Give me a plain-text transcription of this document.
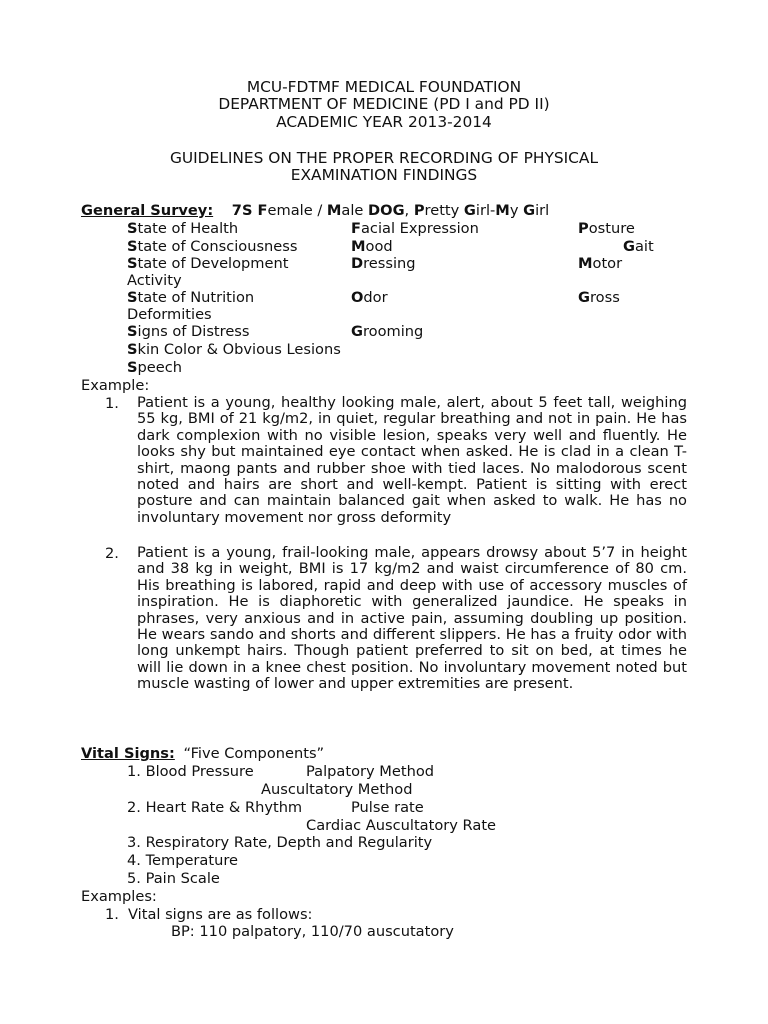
MCU-FDTMF MEDICAL FOUNDATION
DEPARTMENT OF MEDICINE (PD I and PD II)
ACADEMIC YEAR 2013-2014
GUIDELINES ON THE PROPER RECORDING OF PHYSICAL
EXAMINATION FINDINGS
General Survey: 7S Female / Male DOG, Pretty Girl-My Girl
State of Health
State of Consciousness
State of Development
State of Nutrition
Signs of Distress
Skin Color & Obvious Lesions
Speech
Facial Expression
Mood
Dressing
Odor
Grooming
Posture
Gait
Motor
Gross
Activity
Deformities
Example:
1. Patient is a young, healthy looking male, alert, about 5 feet tall, weighing 55 kg, BMI of 21 kg/m2, in quiet, regular breathing and not in pain. He has dark complexion with no visible lesion, speaks very well and fluently. He looks shy but maintained eye contact when asked. He is clad in a clean T-shirt, maong pants and rubber shoe with tied laces. No malodorous scent noted and hairs are short and well-kempt. Patient is sitting with erect posture and can maintain balanced gait when asked to walk. He has no involuntary movement nor gross deformity
2. Patient is a young, frail-looking male, appears drowsy about 5’7 in height and 38 kg in weight, BMI is 17 kg/m2 and waist circumference of 80 cm. His breathing is labored, rapid and deep with use of accessory muscles of inspiration. He is diaphoretic with generalized jaundice. He speaks in phrases, very anxious and in active pain, assuming doubling up position. He wears sando and shorts and different slippers. He has a fruity odor with long unkempt hairs. Though patient preferred to sit on bed, at times he will lie down in a knee chest position. No involuntary movement noted but muscle wasting of lower and upper extremities are present.
Vital Signs: “Five Components”
1. Blood Pressure	Palpatory Method
Auscultatory Method
2. Heart Rate & Rhythm	Pulse rate
Cardiac Auscultatory Rate
3. Respiratory Rate, Depth and Regularity
4. Temperature
5. Pain Scale
Examples:
1. Vital signs are as follows:
BP: 110 palpatory, 110/70 auscutatory
